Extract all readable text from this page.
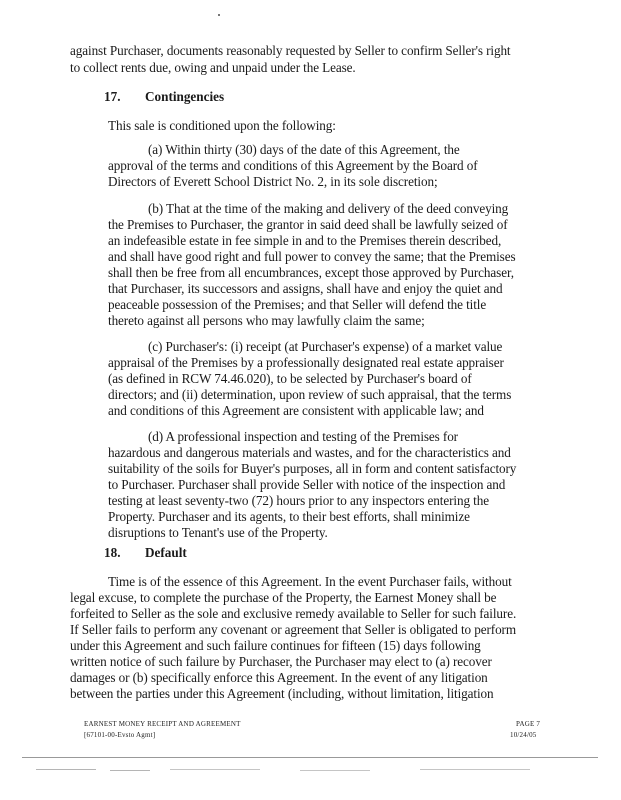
against Purchaser, documents reasonably requested by Seller to confirm Seller's right

to collect rents due, owing and unpaid under the Lease.

17. Contingencies

This sale is conditioned upon the following:

(a) Within thirty (30) days of the date of this Agreement, the

approval of the terms and conditions of this Agreement by the Board of

Directors of Everett School District No. 2, in its sole discretion;

(b) That at the time of the making and delivery of the deed conveying

the Premises to Purchaser, the grantor in said deed shall be lawfully seized of

an indefeasible estate in fee simple in and to the Premises therein described,

and shall have good right and full power to convey the same; that the Premises

shall then be free from all encumbrances, except those approved by Purchaser,

that Purchaser, its successors and assigns, shall have and enjoy the quiet and

peaceable possession of the Premises; and that Seller will defend the title

thereto against all persons who may lawfully claim the same;

(c) Purchaser's: (i) receipt (at Purchaser's expense) of a market value

appraisal of the Premises by a professionally designated real estate appraiser

(as defined in RCW 74.46.020), to be selected by Purchaser's board of

directors; and (ii) determination, upon review of such appraisal, that the terms

and conditions of this Agreement are consistent with applicable law; and

(d) A professional inspection and testing of the Premises for

hazardous and dangerous materials and wastes, and for the characteristics and

suitability of the soils for Buyer's purposes, all in form and content satisfactory

to Purchaser. Purchaser shall provide Seller with notice of the inspection and

testing at least seventy-two (72) hours prior to any inspectors entering the

Property. Purchaser and its agents, to their best efforts, shall minimize

disruptions to Tenant's use of the Property.

18. Default

Time is of the essence of this Agreement. In the event Purchaser fails, without

legal excuse, to complete the purchase of the Property, the Earnest Money shall be

forfeited to Seller as the sole and exclusive remedy available to Seller for such failure.

If Seller fails to perform any covenant or agreement that Seller is obligated to perform

under this Agreement and such failure continues for fifteen (15) days following

written notice of such failure by Purchaser, the Purchaser may elect to (a) recover

damages or (b) specifically enforce this Agreement. In the event of any litigation

between the parties under this Agreement (including, without limitation, litigation

EARNEST MONEY RECEIPT AND AGREEMENT

[67101-00-Evsto Agmt]

PAGE 7

10/24/05
